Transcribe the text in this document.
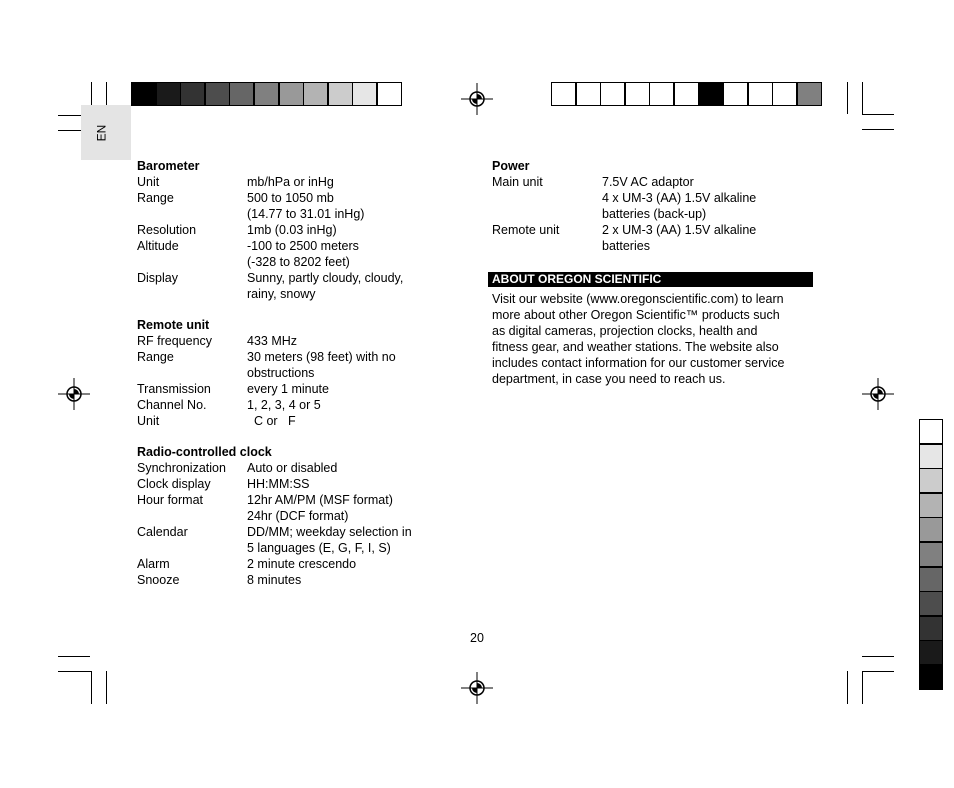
EN
Barometer
Unit	mb/hPa or inHg
Range	500 to 1050 mb
(14.77 to 31.01 inHg)
Resolution	1mb (0.03 inHg)
Altitude	-100 to 2500 meters
(-328 to 8202 feet)
Display	Sunny, partly cloudy, cloudy,
rainy, snowy
Remote unit
RF frequency	433 MHz
Range	30 meters (98 feet) with no
obstructions
Transmission	every 1 minute
Channel No.	1, 2, 3, 4 or 5
Unit	C or   F
Radio-controlled clock
Synchronization	Auto or disabled
Clock display	HH:MM:SS
Hour format	12hr AM/PM (MSF format)
24hr (DCF format)
Calendar	DD/MM; weekday selection in
5 languages (E, G, F, I, S)
Alarm	2 minute crescendo
Snooze	8 minutes
Power
Main unit	7.5V AC adaptor
4 x UM-3 (AA) 1.5V alkaline
batteries (back-up)
Remote unit	2 x UM-3 (AA) 1.5V alkaline
batteries
ABOUT OREGON SCIENTIFIC
Visit our website (www.oregonscientific.com) to learn
more about other Oregon Scientific™ products such
as digital cameras, projection clocks, health and
fitness gear, and weather stations. The website also
includes contact information for our customer service
department, in case you need to reach us.
20
